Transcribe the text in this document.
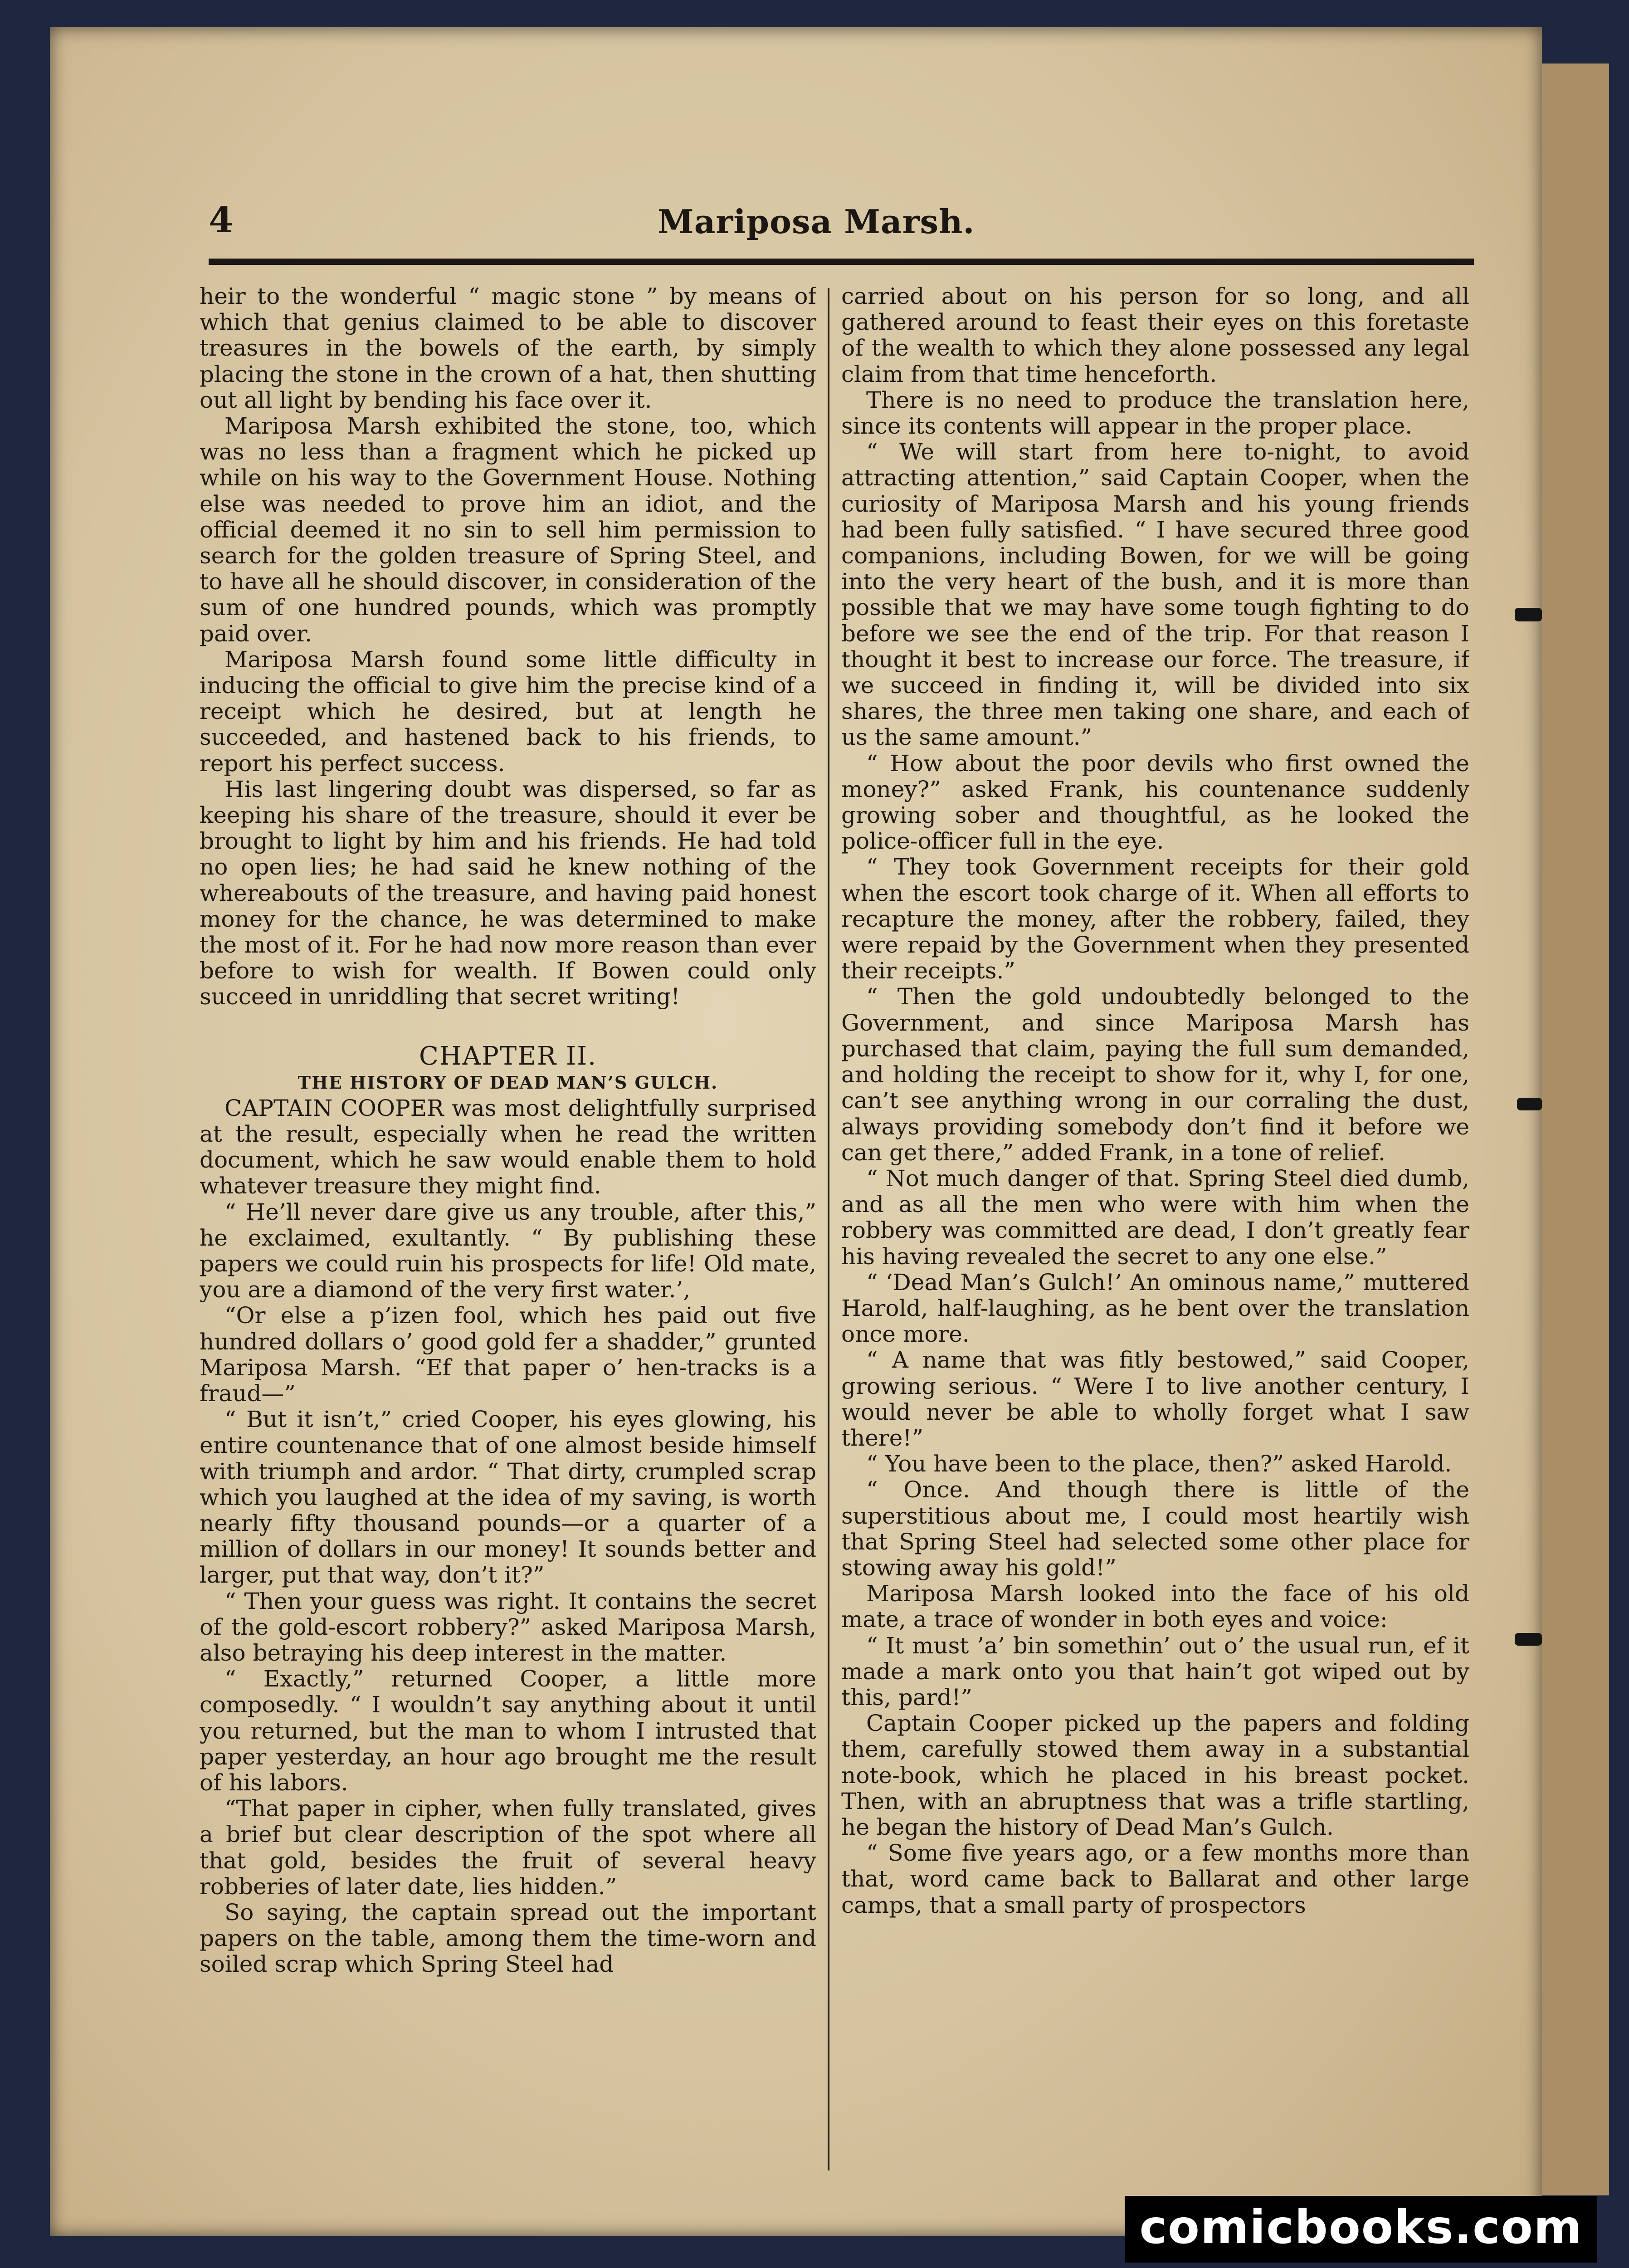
4	Mariposa Marsh.

heir to the wonderful “ magic stone ” by means of which that genius claimed to be able to discover treasures in the bowels of the earth, by simply placing the stone in the crown of a hat, then shutting out all light by bending his face over it.

Mariposa Marsh exhibited the stone, too, which was no less than a fragment which he picked up while on his way to the Government House. Nothing else was needed to prove him an idiot, and the official deemed it no sin to sell him permission to search for the golden treasure of Spring Steel, and to have all he should discover, in consideration of the sum of one hundred pounds, which was promptly paid over.

Mariposa Marsh found some little difficulty in inducing the official to give him the precise kind of a receipt which he desired, but at length he succeeded, and hastened back to his friends, to report his perfect success.

His last lingering doubt was dispersed, so far as keeping his share of the treasure, should it ever be brought to light by him and his friends. He had told no open lies; he had said he knew nothing of the whereabouts of the treasure, and having paid honest money for the chance, he was determined to make the most of it. For he had now more reason than ever before to wish for wealth. If Bowen could only succeed in unriddling that secret writing!

CHAPTER II.
THE HISTORY OF DEAD MAN’S GULCH.

CAPTAIN COOPER was most delightfully surprised at the result, especially when he read the written document, which he saw would enable them to hold whatever treasure they might find.

“ He’ll never dare give us any trouble, after this,” he exclaimed, exultantly. “ By publishing these papers we could ruin his prospects for life! Old mate, you are a diamond of the very first water.’,

“Or else a p’izen fool, which hes paid out five hundred dollars o’ good gold fer a shadder,” grunted Mariposa Marsh. “Ef that paper o’ hen-tracks is a fraud—”

“ But it isn’t,” cried Cooper, his eyes glowing, his entire countenance that of one almost beside himself with triumph and ardor. “ That dirty, crumpled scrap which you laughed at the idea of my saving, is worth nearly fifty thousand pounds—or a quarter of a million of dollars in our money! It sounds better and larger, put that way, don’t it?”

“ Then your guess was right. It contains the secret of the gold-escort robbery?” asked Mariposa Marsh, also betraying his deep interest in the matter.

“ Exactly,” returned Cooper, a little more composedly. “ I wouldn’t say anything about it until you returned, but the man to whom I intrusted that paper yesterday, an hour ago brought me the result of his labors.

“That paper in cipher, when fully translated, gives a brief but clear description of the spot where all that gold, besides the fruit of several heavy robberies of later date, lies hidden.”

So saying, the captain spread out the important papers on the table, among them the time-worn and soiled scrap which Spring Steel had

carried about on his person for so long, and all gathered around to feast their eyes on this foretaste of the wealth to which they alone possessed any legal claim from that time henceforth.

There is no need to produce the translation here, since its contents will appear in the proper place.

“ We will start from here to-night, to avoid attracting attention,” said Captain Cooper, when the curiosity of Mariposa Marsh and his young friends had been fully satisfied. “ I have secured three good companions, including Bowen, for we will be going into the very heart of the bush, and it is more than possible that we may have some tough fighting to do before we see the end of the trip. For that reason I thought it best to increase our force. The treasure, if we succeed in finding it, will be divided into six shares, the three men taking one share, and each of us the same amount.”

“ How about the poor devils who first owned the money?” asked Frank, his countenance suddenly growing sober and thoughtful, as he looked the police-officer full in the eye.

“ They took Government receipts for their gold when the escort took charge of it. When all efforts to recapture the money, after the robbery, failed, they were repaid by the Government when they presented their receipts.”

“ Then the gold undoubtedly belonged to the Government, and since Mariposa Marsh has purchased that claim, paying the full sum demanded, and holding the receipt to show for it, why I, for one, can’t see anything wrong in our corraling the dust, always providing somebody don’t find it before we can get there,” added Frank, in a tone of relief.

“ Not much danger of that. Spring Steel died dumb, and as all the men who were with him when the robbery was committed are dead, I don’t greatly fear his having revealed the secret to any one else.”

“ ‘Dead Man’s Gulch!’ An ominous name,” muttered Harold, half-laughing, as he bent over the translation once more.

“ A name that was fitly bestowed,” said Cooper, growing serious. “ Were I to live another century, I would never be able to wholly forget what I saw there!”

“ You have been to the place, then?” asked Harold.

“ Once. And though there is little of the superstitious about me, I could most heartily wish that Spring Steel had selected some other place for stowing away his gold!”

Mariposa Marsh looked into the face of his old mate, a trace of wonder in both eyes and voice:

“ It must ’a’ bin somethin’ out o’ the usual run, ef it made a mark onto you that hain’t got wiped out by this, pard!”

Captain Cooper picked up the papers and folding them, carefully stowed them away in a substantial note-book, which he placed in his breast pocket. Then, with an abruptness that was a trifle startling, he began the history of Dead Man’s Gulch.

“ Some five years ago, or a few months more than that, word came back to Ballarat and other large camps, that a small party of prospectors

comicbooks.com
